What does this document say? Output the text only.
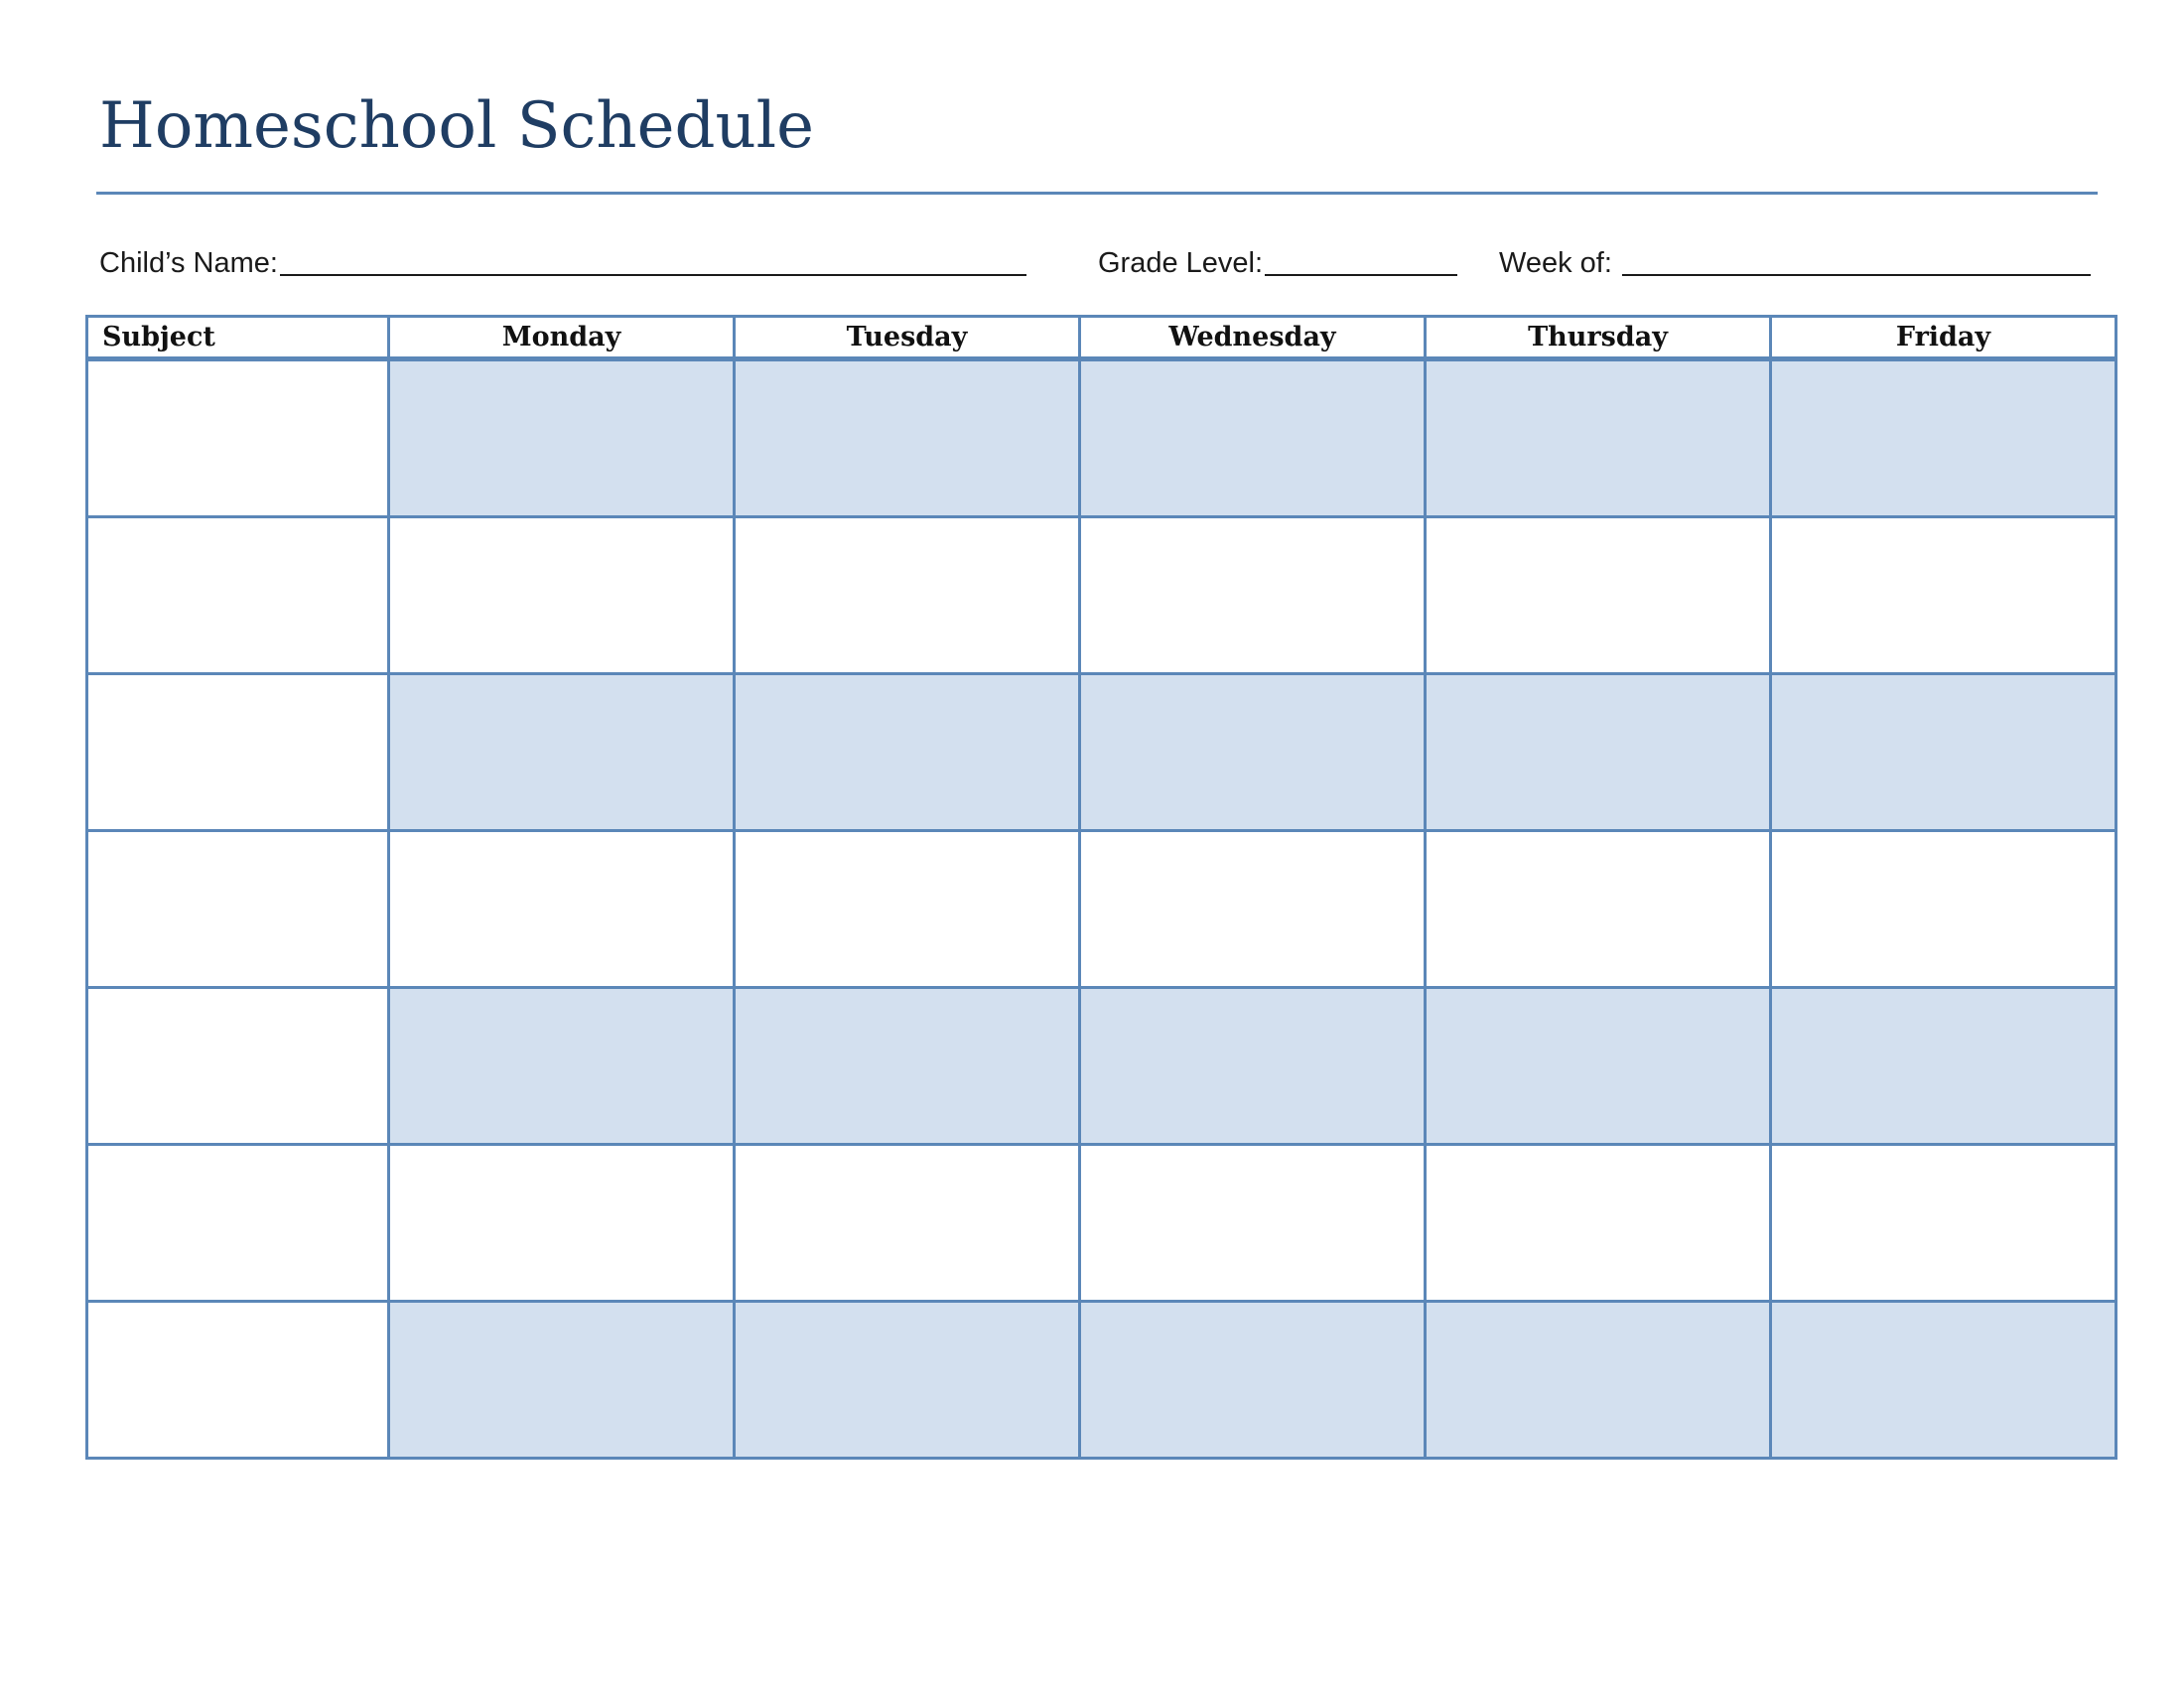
Homeschool Schedule
Child’s Name:	Grade Level:	Week of:
Subject	Monday	Tuesday	Wednesday	Thursday	Friday
